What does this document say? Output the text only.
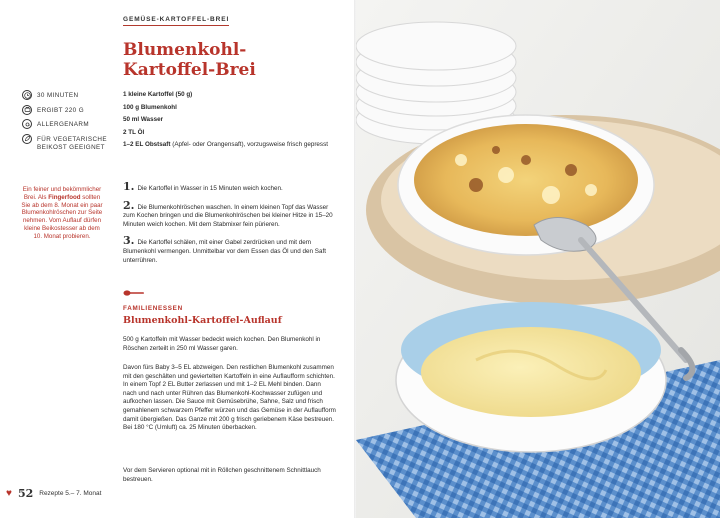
GEMÜSE-KARTOFFEL-BREI
Blumenkohl-
Kartoffel-Brei
30 MINUTEN
ERGIBT 220 G
ALLERGENARM
FÜR VEGETARISCHE BEIKOST GEEIGNET
1 kleine Kartoffel (50 g)
100 g Blumenkohl
50 ml Wasser
2 TL Öl
1–2 EL Obstsaft (Apfel- oder Orangensaft), vorzugsweise frisch gepresst
Ein feiner und bekömmlicher Brei. Als Fingerfood sollten Sie ab dem 8. Monat ein paar Blumenkohlröschen zur Seite nehmen. Vom Auflauf dürfen kleine Beikostesser ab dem 10. Monat probieren.
1. Die Kartoffel in Wasser in 15 Minuten weich kochen.
2. Die Blumenkohlröschen waschen. In einem kleinen Topf das Wasser zum Kochen bringen und die Blumenkohlröschen bei kleiner Hitze in 15–20 Minuten weich kochen. Mit dem Stabmixer fein pürieren.
3. Die Kartoffel schälen, mit einer Gabel zerdrücken und mit dem Blumenkohl vermengen. Unmittelbar vor dem Essen das Öl und den Saft unterrühren.
FAMILIENESSEN
Blumenkohl-Kartoffel-Auflauf

500 g Kartoffeln mit Wasser bedeckt weich kochen. Den Blumenkohl in Röschen zerteilt in 250 ml Wasser garen.

Davon fürs Baby 3–5 EL abzweigen. Den restlichen Blumenkohl zusammen mit den geschälten und geviertelten Kartoffeln in eine Auflaufform schichten. In einem Topf 2 EL Butter zerlassen und mit 1–2 EL Mehl binden. Dann nach und nach unter Rühren das Blumenkohl-Kochwasser zufügen und aufkochen lassen. Die Sauce mit Gemüsebrühe, Sahne, Salz und frisch gemahlenem schwarzem Pfeffer würzen und das Gemüse in der Auflaufform damit übergießen. Das Ganze mit 200 g frisch geriebenem Käse bestreuen. Bei 180 °C (Umluft) ca. 25 Minuten überbacken.

Vor dem Servieren optional mit in Röllchen geschnittenem Schnittlauch bestreuen.

♥ 52 Rezepte 5.– 7. Monat
